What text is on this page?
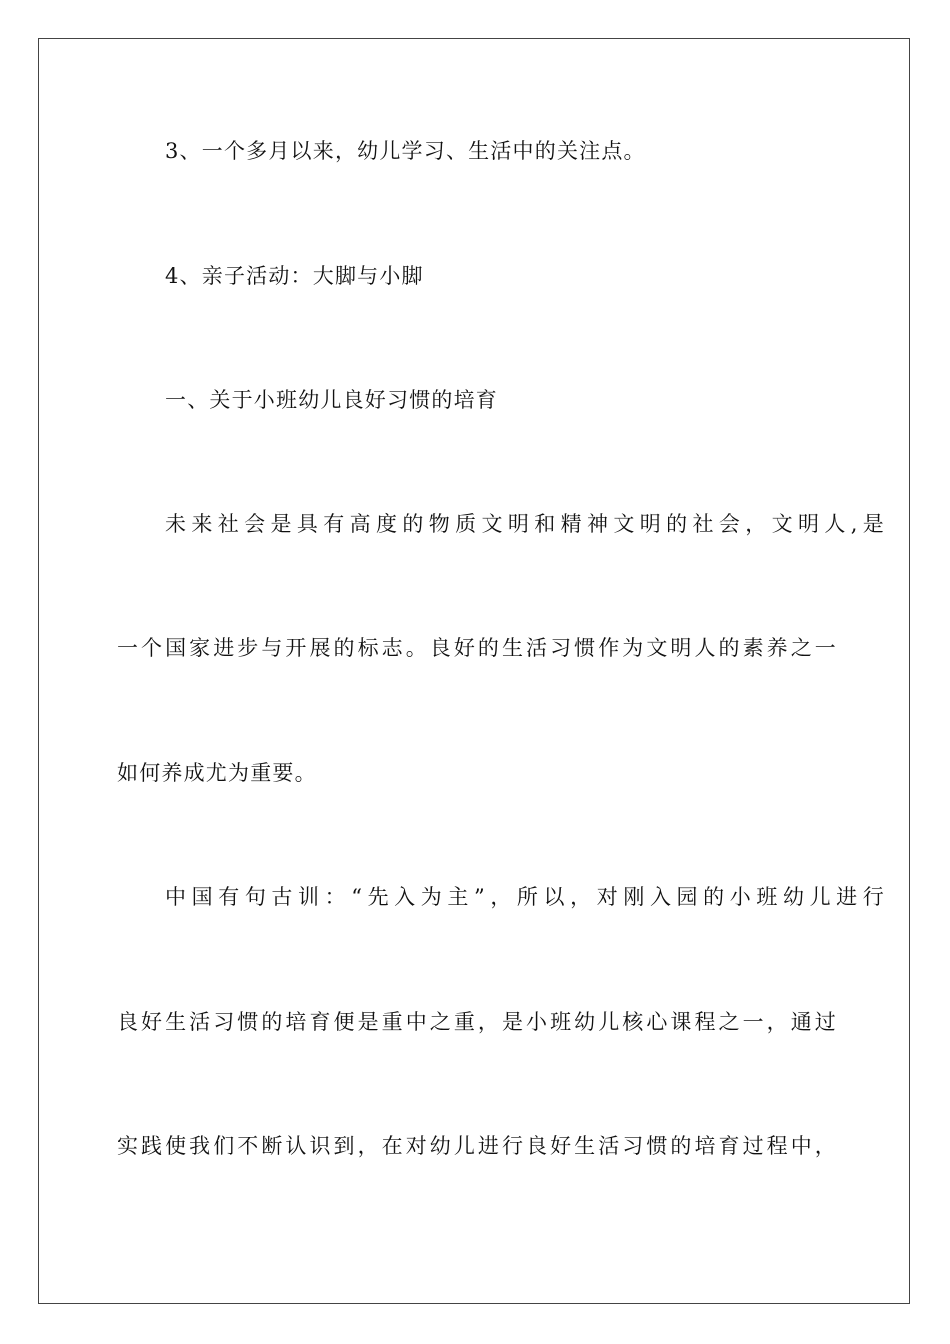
3、一个多月以来，幼儿学习、生活中的关注点。
4、亲子活动：大脚与小脚
一、关于小班幼儿良好习惯的培育
未来社会是具有高度的物质文明和精神文明的社会，文明人,是
一个国家进步与开展的标志。良好的生活习惯作为文明人的素养之一
如何养成尤为重要。
中国有句古训：“先入为主”，所以，对刚入园的小班幼儿进行
良好生活习惯的培育便是重中之重，是小班幼儿核心课程之一，通过
实践使我们不断认识到，在对幼儿进行良好生活习惯的培育过程中，
